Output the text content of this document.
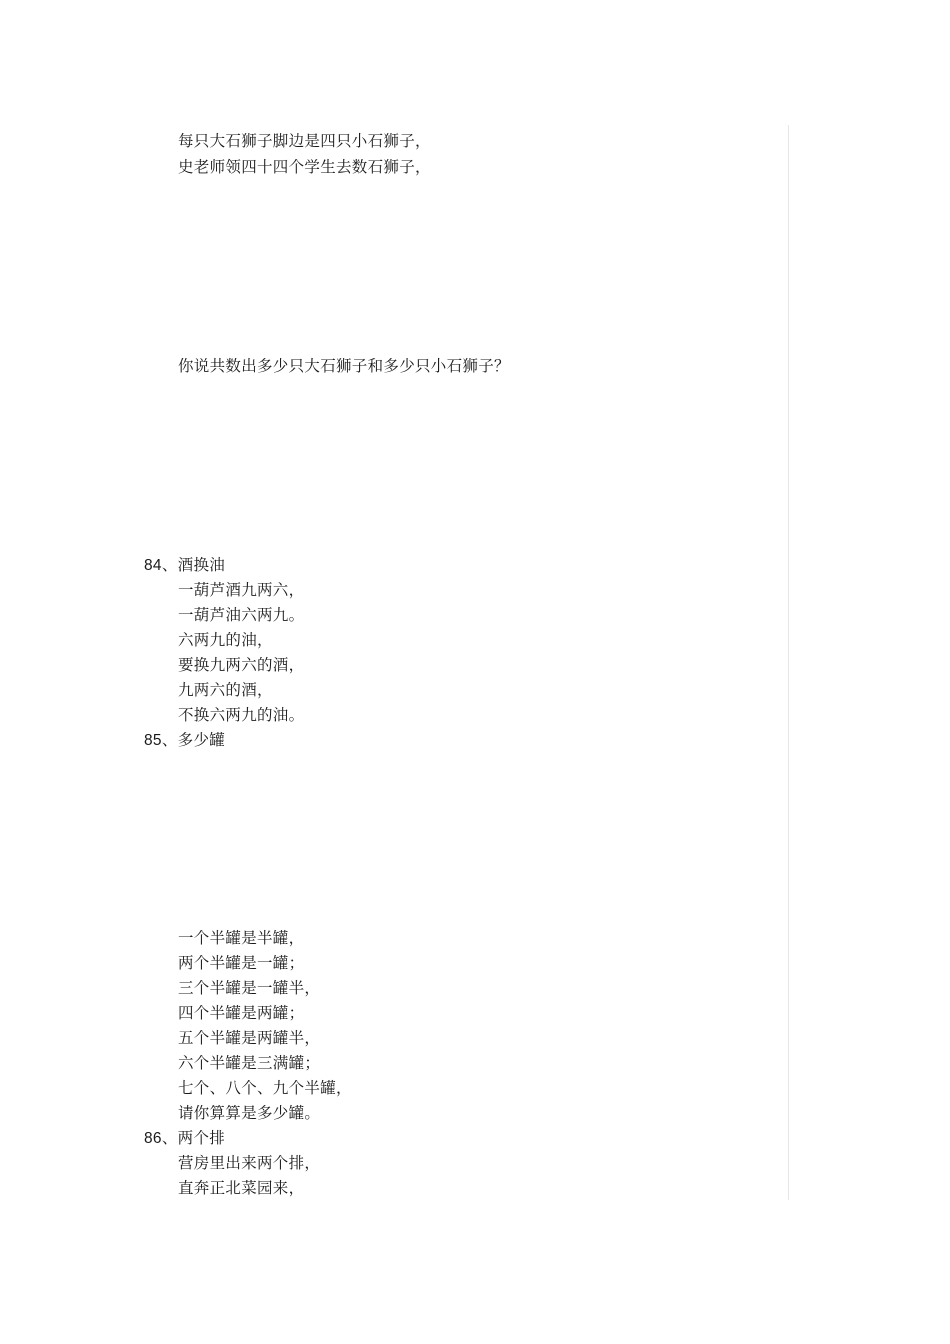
每只大石狮子脚边是四只小石狮子，
史老师领四十四个学生去数石狮子，
你说共数出多少只大石狮子和多少只小石狮子？
84、酒换油
一葫芦酒九两六，
一葫芦油六两九。
六两九的油，
要换九两六的酒，
九两六的酒，
不换六两九的油。
85、多少罐
一个半罐是半罐，
两个半罐是一罐；
三个半罐是一罐半，
四个半罐是两罐；
五个半罐是两罐半，
六个半罐是三满罐；
七个、八个、九个半罐，
请你算算是多少罐。
86、两个排
营房里出来两个排，
直奔正北菜园来，
